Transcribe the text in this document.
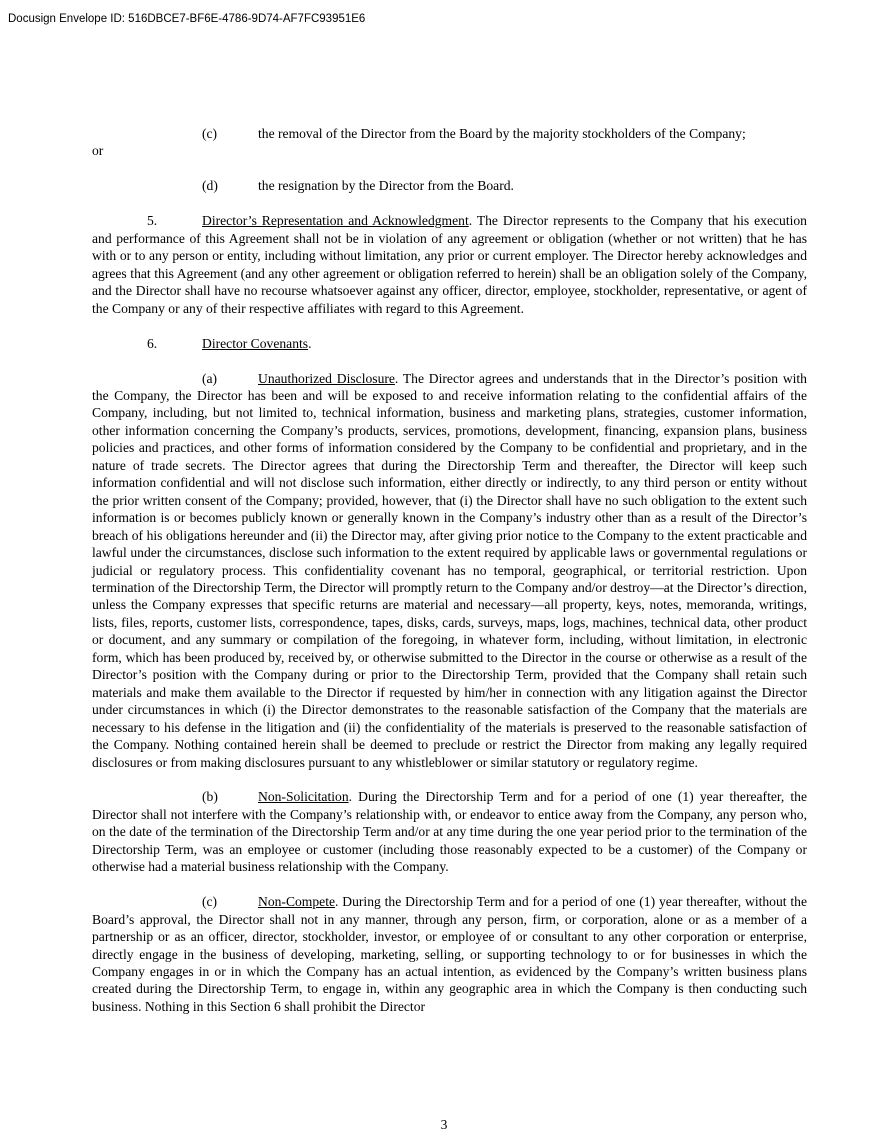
Docusign Envelope ID: 516DBCE7-BF6E-4786-9D74-AF7FC93951E6

(c)	the removal of the Director from the Board by the majority stockholders of the Company;

or

(d)	the resignation by the Director from the Board.

5.	Director’s Representation and Acknowledgment. The Director represents to the Company that his execution and performance of this Agreement shall not be in violation of any agreement or obligation (whether or not written) that he has with or to any person or entity, including without limitation, any prior or current employer. The Director hereby acknowledges and agrees that this Agreement (and any other agreement or obligation referred to herein) shall be an obligation solely of the Company, and the Director shall have no recourse whatsoever against any officer, director, employee, stockholder, representative, or agent of the Company or any of their respective affiliates with regard to this Agreement.

6.	Director Covenants.

(a)	Unauthorized Disclosure. The Director agrees and understands that in the Director’s position with the Company, the Director has been and will be exposed to and receive information relating to the confidential affairs of the Company, including, but not limited to, technical information, business and marketing plans, strategies, customer information, other information concerning the Company’s products, services, promotions, development, financing, expansion plans, business policies and practices, and other forms of information considered by the Company to be confidential and proprietary, and in the nature of trade secrets. The Director agrees that during the Directorship Term and thereafter, the Director will keep such information confidential and will not disclose such information, either directly or indirectly, to any third person or entity without the prior written consent of the Company; provided, however, that (i) the Director shall have no such obligation to the extent such information is or becomes publicly known or generally known in the Company’s industry other than as a result of the Director’s breach of his obligations hereunder and (ii) the Director may, after giving prior notice to the Company to the extent practicable and lawful under the circumstances, disclose such information to the extent required by applicable laws or governmental regulations or judicial or regulatory process. This confidentiality covenant has no temporal, geographical, or territorial restriction. Upon termination of the Directorship Term, the Director will promptly return to the Company and/or destroy—at the Director’s direction, unless the Company expresses that specific returns are material and necessary—all property, keys, notes, memoranda, writings, lists, files, reports, customer lists, correspondence, tapes, disks, cards, surveys, maps, logs, machines, technical data, other product or document, and any summary or compilation of the foregoing, in whatever form, including, without limitation, in electronic form, which has been produced by, received by, or otherwise submitted to the Director in the course or otherwise as a result of the Director’s position with the Company during or prior to the Directorship Term, provided that the Company shall retain such materials and make them available to the Director if requested by him/her in connection with any litigation against the Director under circumstances in which (i) the Director demonstrates to the reasonable satisfaction of the Company that the materials are necessary to his defense in the litigation and (ii) the confidentiality of the materials is preserved to the reasonable satisfaction of the Company. Nothing contained herein shall be deemed to preclude or restrict the Director from making any legally required disclosures or from making disclosures pursuant to any whistleblower or similar statutory or regulatory regime.

(b)	Non-Solicitation. During the Directorship Term and for a period of one (1) year thereafter, the Director shall not interfere with the Company’s relationship with, or endeavor to entice away from the Company, any person who, on the date of the termination of the Directorship Term and/or at any time during the one year period prior to the termination of the Directorship Term, was an employee or customer (including those reasonably expected to be a customer) of the Company or otherwise had a material business relationship with the Company.

(c)	Non-Compete. During the Directorship Term and for a period of one (1) year thereafter, without the Board’s approval, the Director shall not in any manner, through any person, firm, or corporation, alone or as a member of a partnership or as an officer, director, stockholder, investor, or employee of or consultant to any other corporation or enterprise, directly engage in the business of developing, marketing, selling, or supporting technology to or for businesses in which the Company engages in or in which the Company has an actual intention, as evidenced by the Company’s written business plans created during the Directorship Term, to engage in, within any geographic area in which the Company is then conducting such business. Nothing in this Section 6 shall prohibit the Director

3
